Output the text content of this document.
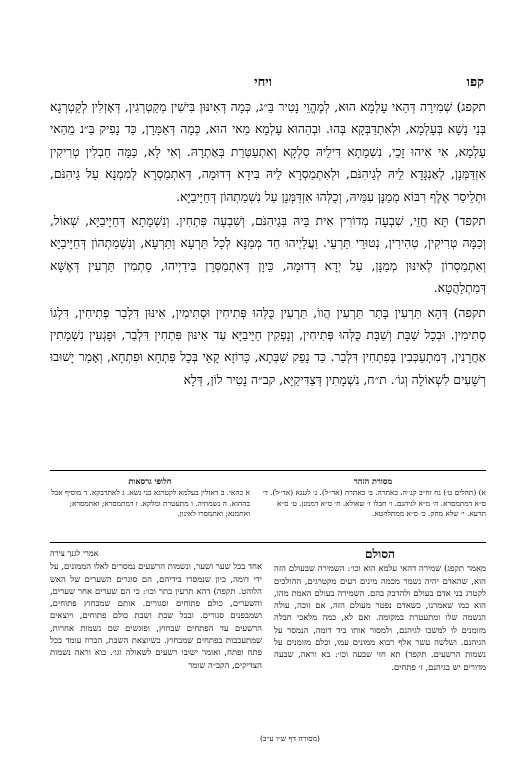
קפו
ויחי

תקפג) שְׁמִירָה דְּהַאי עָלְמָא הוּא, לְמֶהֱוֵי נָטִיר בֵּ״ג, כְּמָה דְּאִינּוּן בִּישִׁין מְקַטְרְגִין, דְּאָזְלִין לְקַטְרְגָא בְּנֵי נָשָׁא בְּעָלְמָא, וּלְאִתְדַּבְּקָא בְּהוּ. וּבְהַהוּא עָלְמָא מַאי הוּא, כְּמָה דְּאַמָּרָן, כַּד נָפִיק בַּ״נ מֵהַאי עָלְמָא, אִי אִיהוּ זָכֵי, נִשְׁמָתָא דִּילֵיהּ סַלְקָא וְאִתְעַטְּרַת בְּאַתְרָהּ. וְאִי לָא, כַּמָּה חַבְלִין טְרִיקִין אִזְדַּמְּנָן, לְאַנְגָּדָא לֵיהּ לְגֵיהִנֹּם, וּלְאִתְמַסְרָא לֵיהּ בִּידָא דְּדוּמָה, דְּאִתְמַסְרָא לְמִמְנָא עַל גֵּיהִנֹּם, וּתְלֵיסַר אֶלֶף רִבּוֹא מְמַנָּן עִמֵּיהּ, וְכֻלְּהוּ אִזְדַּמְּנָן עַל נִשְׁמַתְהוֹן דְּחַיָּיבַיָּא.

תקפד) תָּא חֲזֵי, שִׁבְעָה מְדוֹרִין אִית בֵּיהּ בְּגֵיהִנֹּם, וְשִׁבְעָה פִּתְחִין. וְנִשְׁמָתָא דְּחַיָּיבַיָּא, שְׁאוֹל, וְכַמָּה טְרִיקִין, טְהִירִין, נְטוּרֵי תַּרְעֵי. וַעֲלַיְיהוּ חַד מְמַנָּא לְכָל תַּרְעָא וְתַרְעָא, וְנִשְׁמַתְהוֹן דְּחַיָּיבַיָּא וְאִתְמַסְרוֹן לְאִינּוּן מְמַנָּן, עַל יְדָא דְּדוּמָה, כֵּיוָן דְּאִתְמַסְּרָן בִּידַיְיהוּ, סָתְמִין תַּרְעִין דְּאֶשָּׁא דְּמִתְלַהֲטָא.

תקפה) דְּהָא תַּרְעִין בָּתַר תַּרְעִין הֲווֹ, תַּרְעִין כֻּלְּהוּ פְּתִיחִין וּסְתִימִין, אִינּוּן דִּלְבַר פְּתִיחִין, דִּלְגוֹ סְתִימִין. וּבְכָל שַׁבָּת וְשַׁבָּת כֻּלְּהוּ פְּתִיחִין, וְנָפְקִין חַיָּיבַיָּא עַד אִינּוּן פִּתְחִין דִּלְבַר, וּפָגְעִין נִשְׁמָתִין אַחֲרָנִין, דְּמִתְעַכְּבִין בְּפִתְחִין דִּלְבַר. כַּד נָפֵק שַׁבְּתָא, כָּרוֹזָא קָאֵי בְּכָל פִּתְחָא וּפִתְחָא, וְאָמַר יָשׁוּבוּ רְשָׁעִים לִשְׁאוֹלָה וְגוֹ׳. ת״ח, נִשְׁמָתִין דְּצַדִּיקַיָּא, קב״ה נָטִיר לוֹן, דְּלָא

מסורת הזהר
א) (תהלים ט׳) נח זח״ב קנ׳׳ה. באתרה. ב׳ באתרה (אד׳׳ל). ג׳ לגנגא (אד׳׳ל). ד׳ ס״א דמתמסרא. ה׳ מ״א לגיהנם. ו׳ חבלו ז׳ שאולא. ח׳ ס״א דממנן. ט׳ ס״א תרעא. י׳ שלא מחק. כ׳ ס״א ממתלהטא.
חלופי גרסאות
א כהאי. ב דאזלין בעלמא לקטרגא בני נשא. ג לאתדבקא. ד מוסיף אבל בההוא. ה נשמתיה. ו מתעטרת ומלקא. ז דמתמסרא; ואתמסרא; ואתמנא; ואתמסרו לאינון.
הסולם
מאמר תקפג) שמירה דהאי עלמא הוא וכו׳: השמירה שבעולם הזה הוא, שהאדם יהיה נשמר מכמה מינים רעים מקטרגים, ההולכים לקטרג בני אדם בעולם ולהדבק בהם. השמירה בעולם האמת מהו, הוא כמו שאמרנו, כשאדם נפטר מעולם הזה, אם זוכה, עולה הנשמה שלו ומתעטרת במקומה. ואם לא, כמה מלאכי חבלה מזומנים לו למשכו לגיהנם, ולמסור אותו ביד דומה, הנמסר על הגיהנם. ושלשה עשר אלף רבוא ממונים עמו, וכלם מזומנים על נשמות הרשעים. תקפד) תא חזי שבעה וכו׳: בא וראה, שבעה מדורים יש בגיהנם, ז׳ פתחים.
אמרי לגנך צירה
אחד בכל שער ושער, ונשמות הרשעים נמסרים לאלו הממונים, על ידי דומה, כיון שנמסרו בידיהם, הם סוגרים השערים של האש הלוהט. תקפה) דהא תרעין בתר וכו׳: כי הם שערים אחר שערים, והשערים, כולם פתוחים וסגורים. אותם שמבחוץ פתוחים, ושמבפנים סגורים. ובכל שבת ושבת כולם פתוחים, ויוצאים הרשעים עד הפתחים שבחוץ, ופוגשים שם נשמות אחרות, שמתעכבות בפתחים שמבחוץ. כשיוצאת השבת, הכרוז עומד בכל פתח ופתח, ואומר ישובו רשעים לשאולה וגו׳. בוא וראה נשמות הצדיקים, הקב״ה שומר
(מסורה דף ש״ו ע״ב)
